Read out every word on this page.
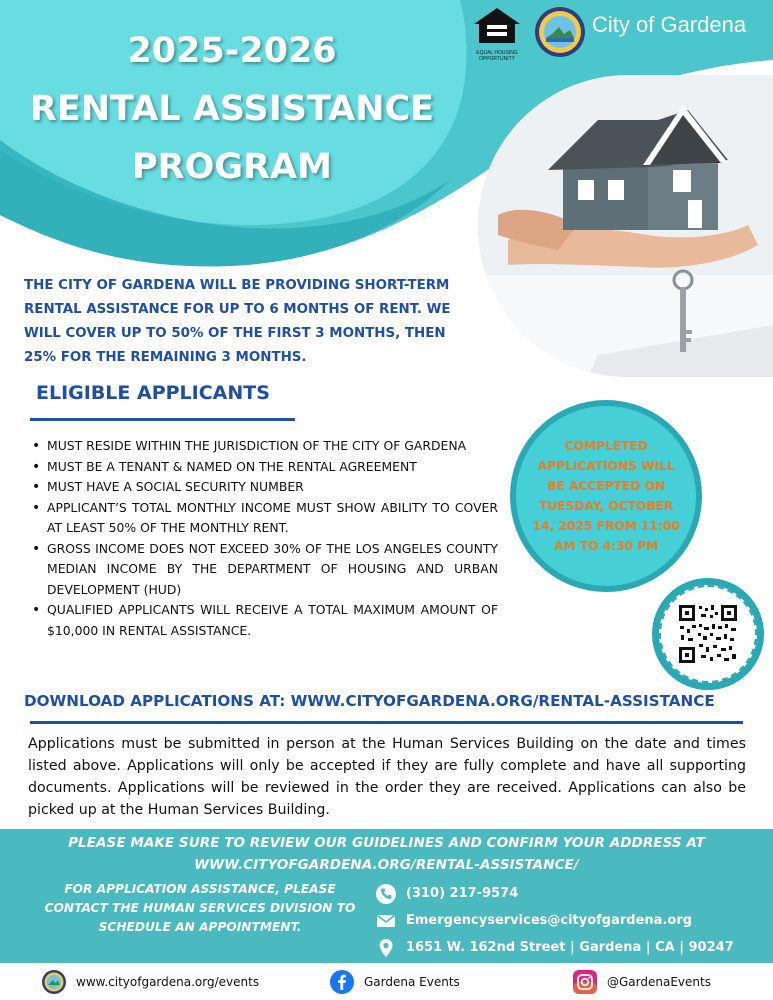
EQUAL HOUSING OPPORTUNITY
City of Gardena
2025-2026
RENTAL ASSISTANCE
PROGRAM
THE CITY OF GARDENA WILL BE PROVIDING SHORT-TERM RENTAL ASSISTANCE FOR UP TO 6 MONTHS OF RENT. WE WILL COVER UP TO 50% OF THE FIRST 3 MONTHS, THEN 25% FOR THE REMAINING 3 MONTHS.
ELIGIBLE APPLICANTS
• MUST RESIDE WITHIN THE JURISDICTION OF THE CITY OF GARDENA
• MUST BE A TENANT & NAMED ON THE RENTAL AGREEMENT
• MUST HAVE A SOCIAL SECURITY NUMBER
• APPLICANT’S TOTAL MONTHLY INCOME MUST SHOW ABILITY TO COVER AT LEAST 50% OF THE MONTHLY RENT.
• GROSS INCOME DOES NOT EXCEED 30% OF THE LOS ANGELES COUNTY MEDIAN INCOME BY THE DEPARTMENT OF HOUSING AND URBAN DEVELOPMENT (HUD)
• QUALIFIED APPLICANTS WILL RECEIVE A TOTAL MAXIMUM AMOUNT OF $10,000 IN RENTAL ASSISTANCE.
COMPLETED APPLICATIONS WILL BE ACCEPTED ON TUESDAY, OCTOBER 14, 2025 FROM 11:00 AM TO 4:30 PM
DOWNLOAD APPLICATIONS AT: WWW.CITYOFGARDENA.ORG/RENTAL-ASSISTANCE
Applications must be submitted in person at the Human Services Building on the date and times listed above. Applications will only be accepted if they are fully complete and have all supporting documents. Applications will be reviewed in the order they are received. Applications can also be picked up at the Human Services Building.
PLEASE MAKE SURE TO REVIEW OUR GUIDELINES AND CONFIRM YOUR ADDRESS AT
WWW.CITYOFGARDENA.ORG/RENTAL-ASSISTANCE/
FOR APPLICATION ASSISTANCE, PLEASE CONTACT THE HUMAN SERVICES DIVISION TO SCHEDULE AN APPOINTMENT.
(310) 217-9574
Emergencyservices@cityofgardena.org
1651 W. 162nd Street | Gardena | CA | 90247
www.cityofgardena.org/events	Gardena Events	@GardenaEvents
